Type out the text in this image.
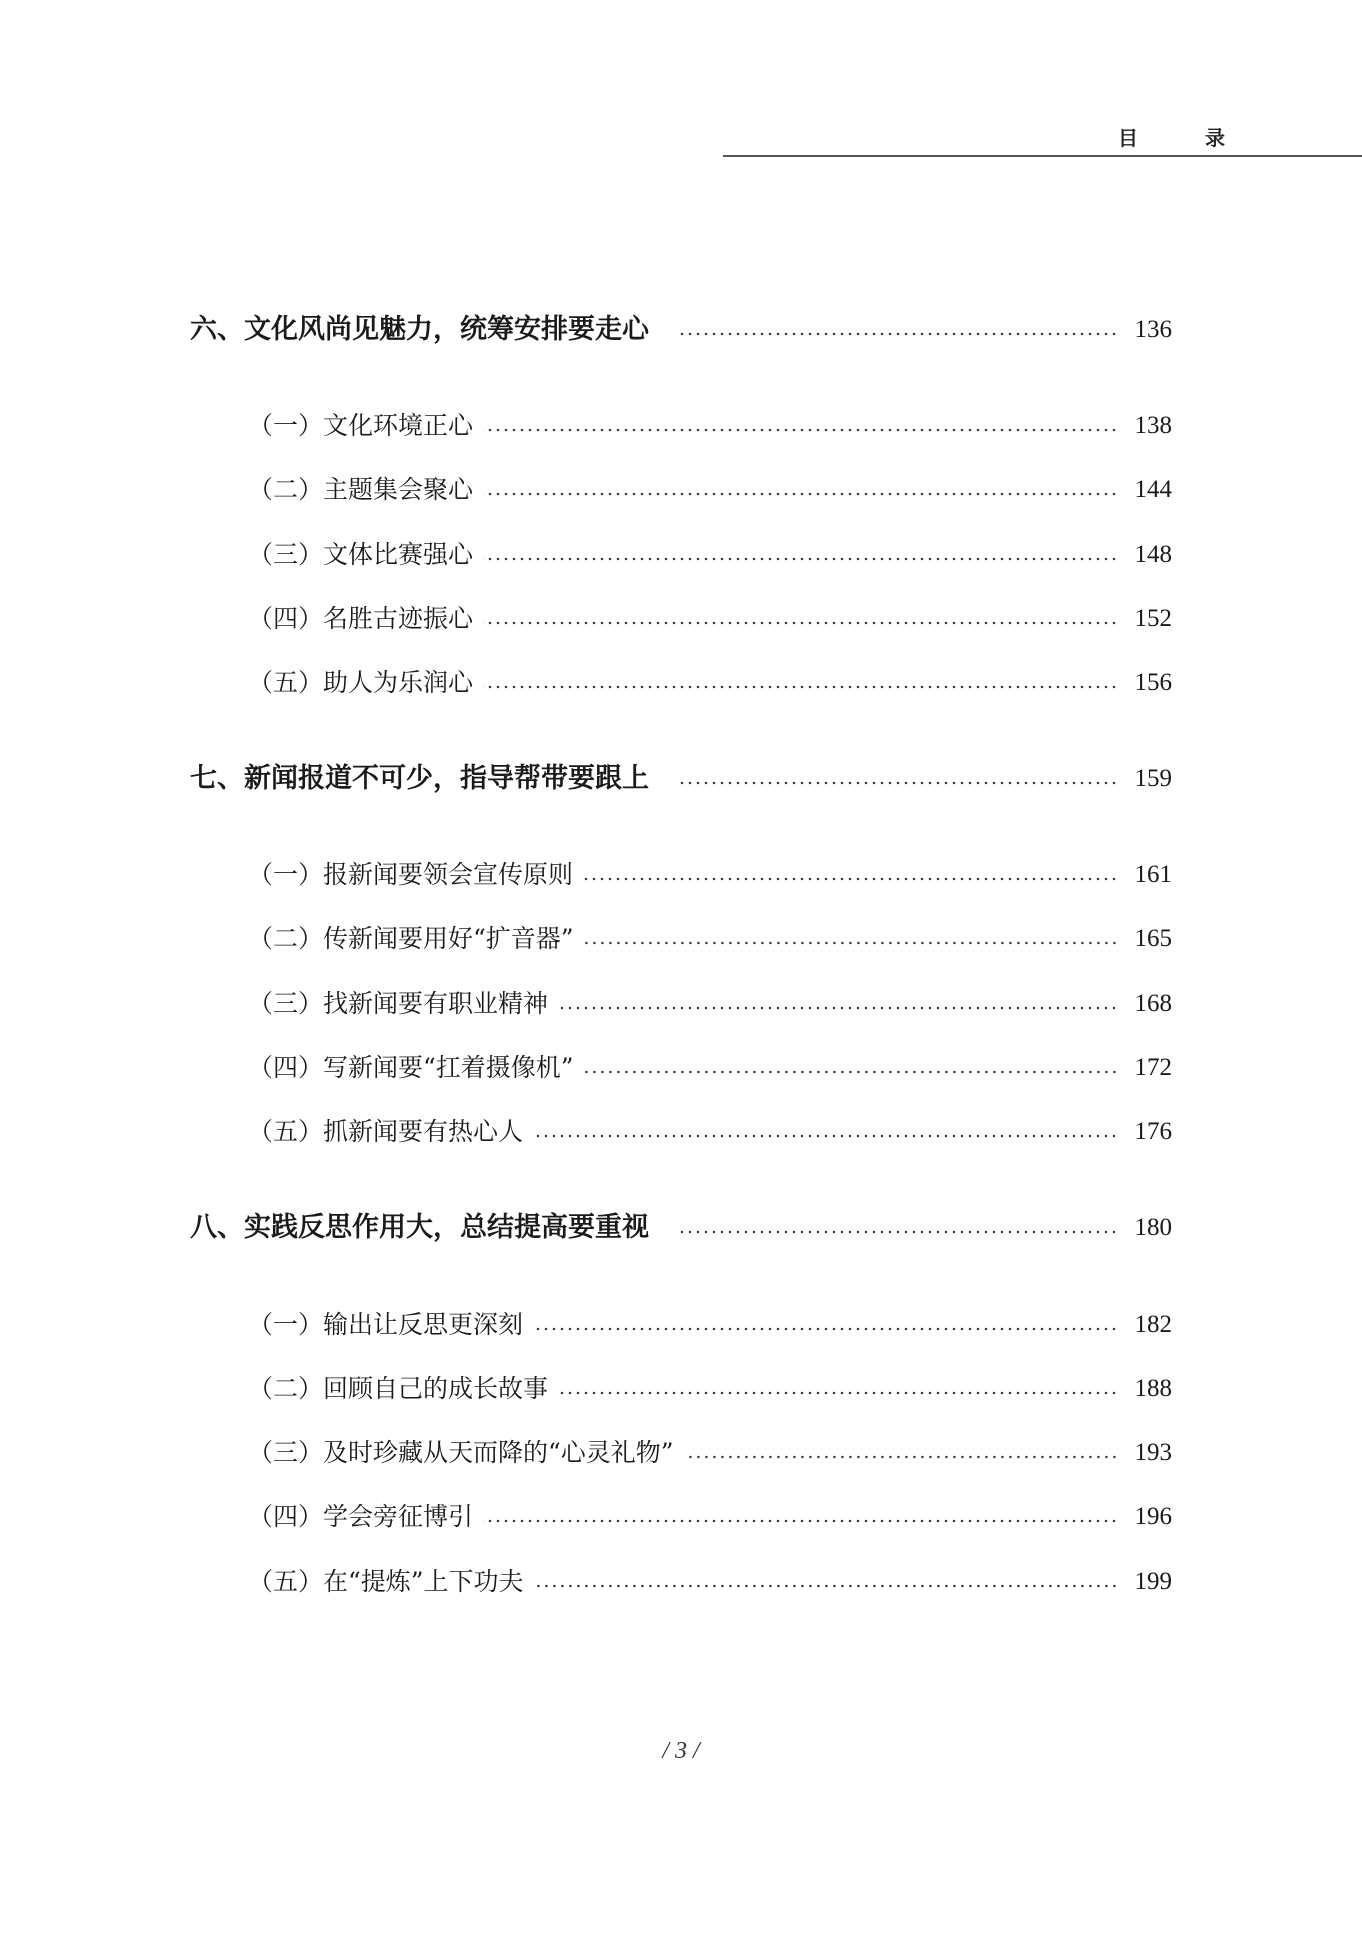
目 录
六、文化风尚见魅力，统筹安排要走心	136
（一）文化环境正心	138
（二）主题集会聚心	144
（三）文体比赛强心	148
（四）名胜古迹振心	152
（五）助人为乐润心	156
七、新闻报道不可少，指导帮带要跟上	159
（一）报新闻要领会宣传原则	161
（二）传新闻要用好“扩音器”	165
（三）找新闻要有职业精神	168
（四）写新闻要“扛着摄像机”	172
（五）抓新闻要有热心人	176
八、实践反思作用大，总结提高要重视	180
（一）输出让反思更深刻	182
（二）回顾自己的成长故事	188
（三）及时珍藏从天而降的“心灵礼物”	193
（四）学会旁征博引	196
（五）在“提炼”上下功夫	199
/ 3 /
